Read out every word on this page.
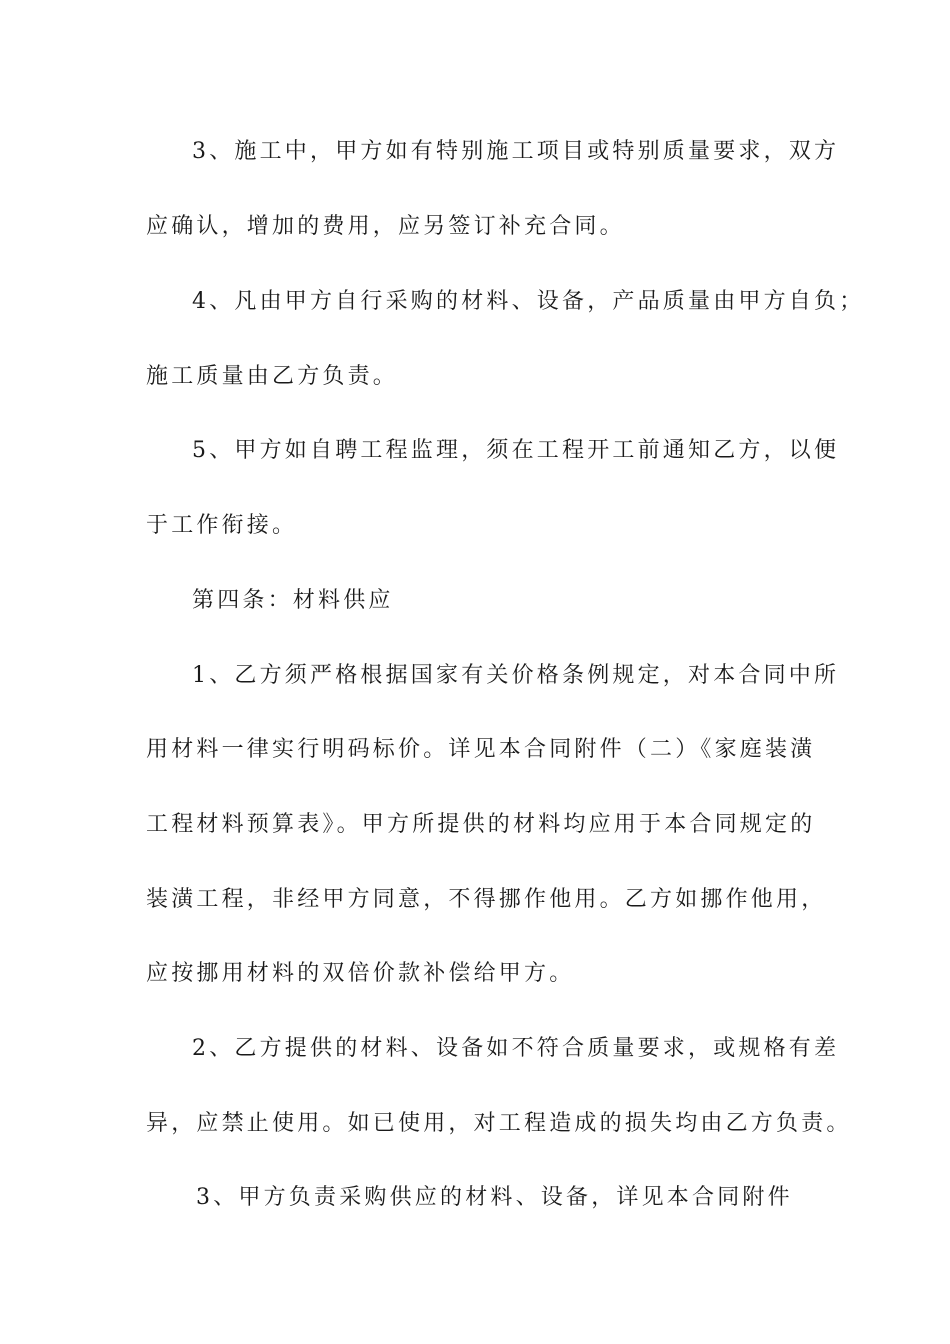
3、施工中，甲方如有特别施工项目或特别质量要求，双方
应确认，增加的费用，应另签订补充合同。
4、凡由甲方自行采购的材料、设备，产品质量由甲方自负；
施工质量由乙方负责。
5、甲方如自聘工程监理，须在工程开工前通知乙方，以便
于工作衔接。
第四条：材料供应
1、乙方须严格根据国家有关价格条例规定，对本合同中所
用材料一律实行明码标价。详见本合同附件（二）《家庭装潢
工程材料预算表》。甲方所提供的材料均应用于本合同规定的
装潢工程，非经甲方同意，不得挪作他用。乙方如挪作他用，
应按挪用材料的双倍价款补偿给甲方。
2、乙方提供的材料、设备如不符合质量要求，或规格有差
异，应禁止使用。如已使用，对工程造成的损失均由乙方负责。
3、甲方负责采购供应的材料、设备，详见本合同附件
